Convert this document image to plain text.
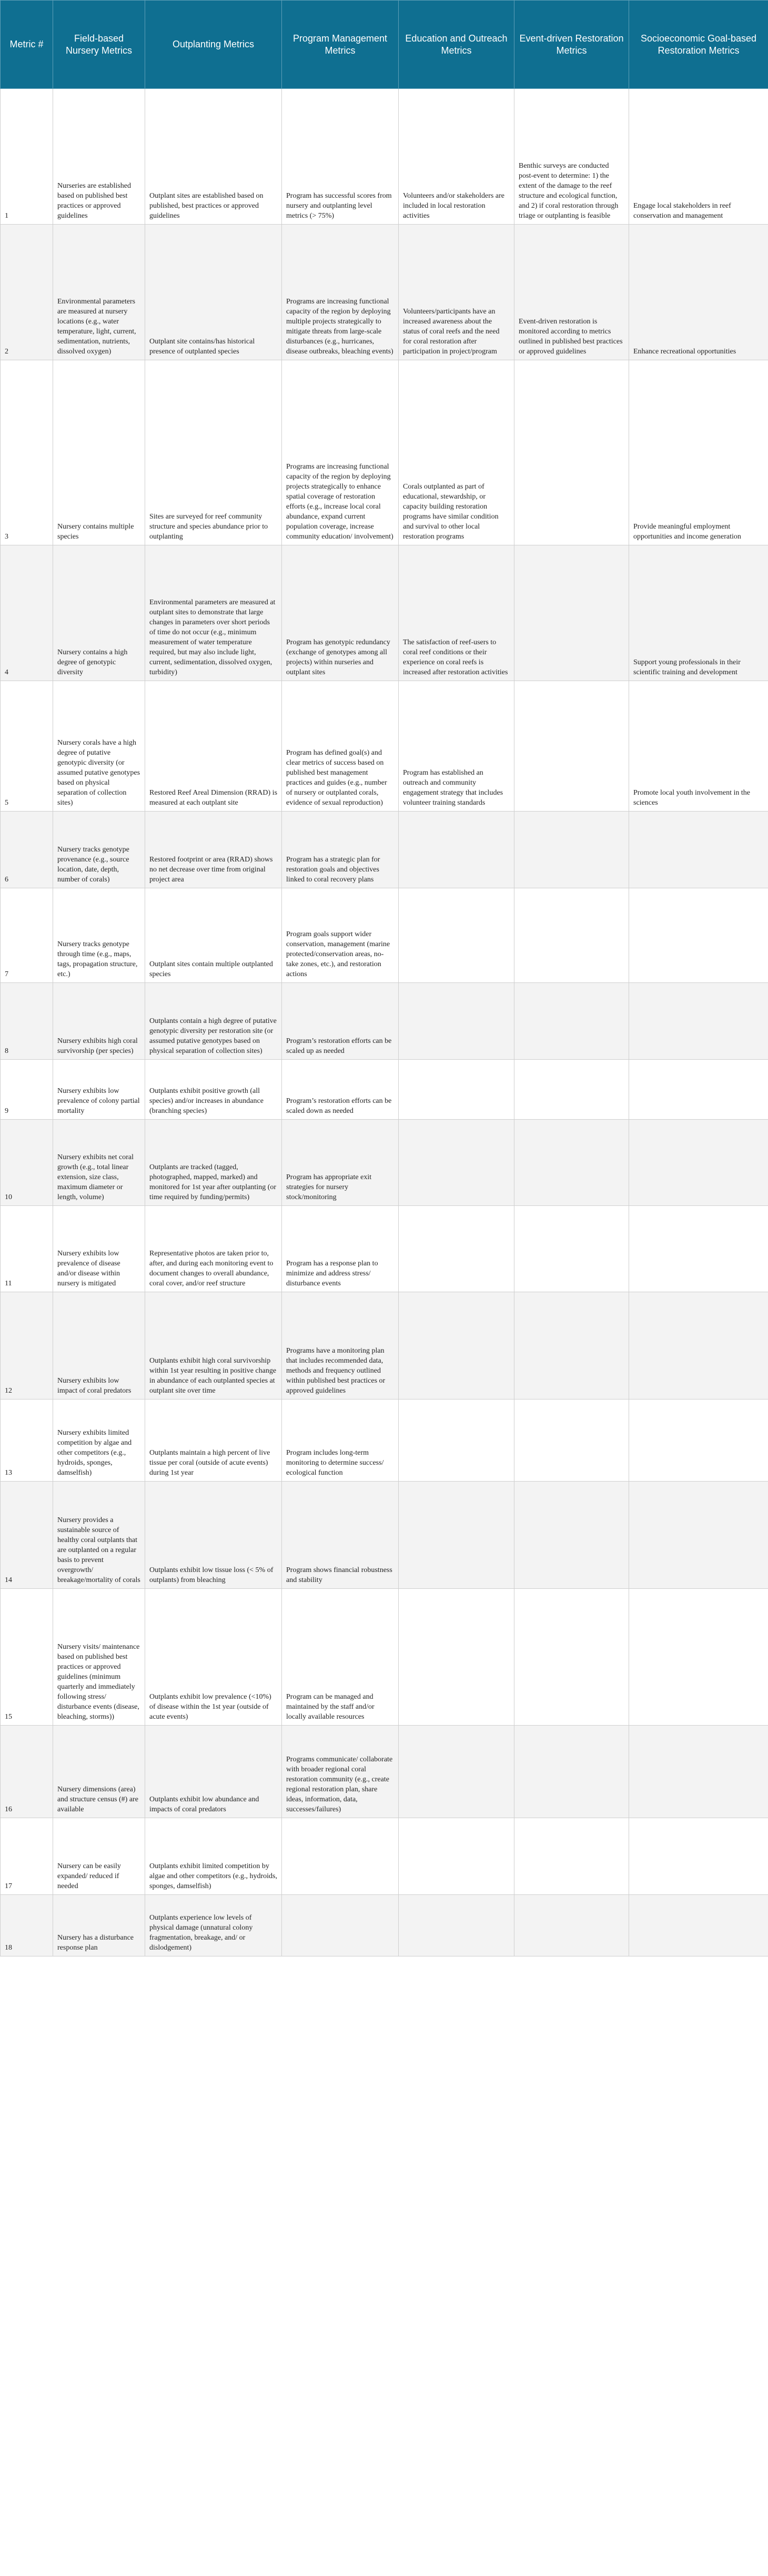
Metric #	Field-based Nursery Metrics	Outplanting Metrics	Program Management Metrics	Education and Outreach Metrics	Event-driven Restoration Metrics	Socioeconomic Goal-based Restoration Metrics
1	Nurseries are established based on published best practices or approved guidelines	Outplant sites are established based on published, best practices or approved guidelines	Program has successful scores from nursery and outplanting level metrics (> 75%)	Volunteers and/or stakeholders are included in local restoration activities	Benthic surveys are conducted post-event to determine: 1) the extent of the damage to the reef structure and ecological function, and 2) if coral restoration through triage or outplanting is feasible	Engage local stakeholders in reef conservation and management
2	Environmental parameters are measured at nursery locations (e.g., water temperature, light, current, sedimentation, nutrients, dissolved oxygen)	Outplant site contains/has historical presence of outplanted species	Programs are increasing functional capacity of the region by deploying multiple projects strategically to mitigate threats from large-scale disturbances (e.g., hurricanes, disease outbreaks, bleaching events)	Volunteers/participants have an increased awareness about the status of coral reefs and the need for coral restoration after participation in project/program	Event-driven restoration is monitored according to metrics outlined in published best practices or approved guidelines	Enhance recreational opportunities
3	Nursery contains multiple species	Sites are surveyed for reef community structure and species abundance prior to outplanting	Programs are increasing functional capacity of the region by deploying projects strategically to enhance spatial coverage of restoration efforts (e.g., increase local coral abundance, expand current population coverage, increase community education/ involvement)	Corals outplanted as part of educational, stewardship, or capacity building restoration programs have similar condition and survival to other local restoration programs		Provide meaningful employment opportunities and income generation
4	Nursery contains a high degree of genotypic diversity	Environmental parameters are measured at outplant sites to demonstrate that large changes in parameters over short periods of time do not occur (e.g., minimum measurement of water temperature required, but may also include light, current, sedimentation, dissolved oxygen, turbidity)	Program has genotypic redundancy (exchange of genotypes among all projects) within nurseries and outplant sites	The satisfaction of reef-users to coral reef conditions or their experience on coral reefs is increased after restoration activities		Support young professionals in their scientific training and development
5	Nursery corals have a high degree of putative genotypic diversity (or assumed putative genotypes based on physical separation of collection sites)	Restored Reef Areal Dimension (RRAD) is measured at each outplant site	Program has defined goal(s) and clear metrics of success based on published best management practices and guides (e.g., number of nursery or outplanted corals, evidence of sexual reproduction)	Program has established an outreach and community engagement strategy that includes volunteer training standards		Promote local youth involvement in the sciences
6	Nursery tracks genotype provenance (e.g., source location, date, depth, number of corals)	Restored footprint or area (RRAD) shows no net decrease over time from original project area	Program has a strategic plan for restoration goals and objectives linked to coral recovery plans			
7	Nursery tracks genotype through time (e.g., maps, tags, propagation structure, etc.)	Outplant sites contain multiple outplanted species	Program goals support wider conservation, management (marine protected/conservation areas, no-take zones, etc.), and restoration actions			
8	Nursery exhibits high coral survivorship (per species)	Outplants contain a high degree of putative genotypic diversity per restoration site (or assumed putative genotypes based on physical separation of collection sites)	Program’s restoration efforts can be scaled up as needed			
9	Nursery exhibits low prevalence of colony partial mortality	Outplants exhibit positive growth (all species) and/or increases in abundance (branching species)	Program’s restoration efforts can be scaled down as needed			
10	Nursery exhibits net coral growth (e.g., total linear extension, size class, maximum diameter or length, volume)	Outplants are tracked (tagged, photographed, mapped, marked) and monitored for 1st year after outplanting (or time required by funding/permits)	Program has appropriate exit strategies for nursery stock/monitoring			
11	Nursery exhibits low prevalence of disease and/or disease within nursery is mitigated	Representative photos are taken prior to, after, and during each monitoring event to document changes to overall abundance, coral cover, and/or reef structure	Program has a response plan to minimize and address stress/ disturbance events			
12	Nursery exhibits low impact of coral predators	Outplants exhibit high coral survivorship within 1st year resulting in positive change in abundance of each outplanted species at outplant site over time	Programs have a monitoring plan that includes recommended data, methods and frequency outlined within published best practices or approved guidelines			
13	Nursery exhibits limited competition by algae and other competitors (e.g., hydroids, sponges, damselfish)	Outplants maintain a high percent of live tissue per coral (outside of acute events) during 1st year	Program includes long-term monitoring to determine success/ ecological function			
14	Nursery provides a sustainable source of healthy coral outplants that are outplanted on a regular basis to prevent overgrowth/ breakage/mortality of corals	Outplants exhibit low tissue loss (< 5% of outplants) from bleaching	Program shows financial robustness and stability			
15	Nursery visits/ maintenance based on published best practices or approved guidelines (minimum quarterly and immediately following stress/ disturbance events (disease, bleaching, storms))	Outplants exhibit low prevalence (<10%) of disease within the 1st year (outside of acute events)	Program can be managed and maintained by the staff and/or locally available resources			
16	Nursery dimensions (area) and structure census (#) are available	Outplants exhibit low abundance and impacts of coral predators	Programs communicate/ collaborate with broader regional coral restoration community (e.g., create regional restoration plan, share ideas, information, data, successes/failures)			
17	Nursery can be easily expanded/ reduced if needed	Outplants exhibit limited competition by algae and other competitors (e.g., hydroids, sponges, damselfish)				
18	Nursery has a disturbance response plan	Outplants experience low levels of physical damage (unnatural colony fragmentation, breakage, and/ or dislodgement)				
